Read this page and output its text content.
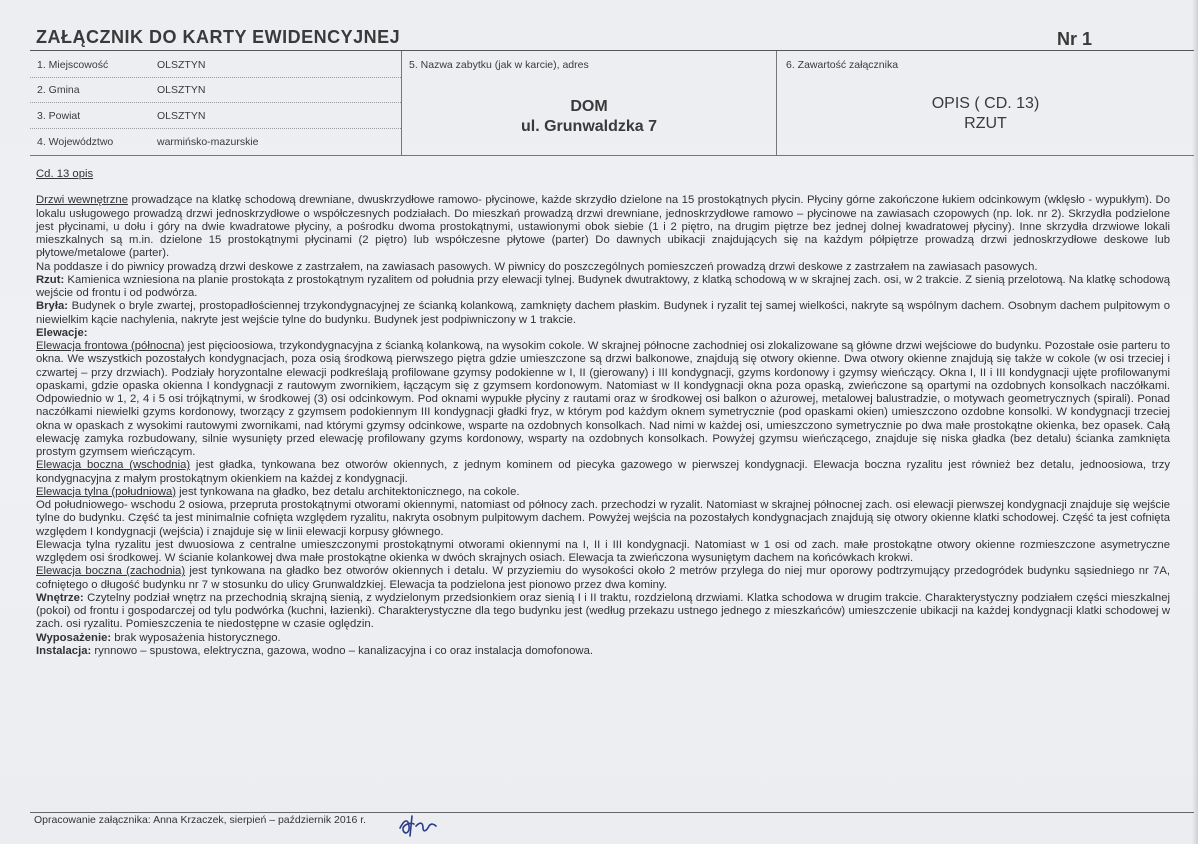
ZAŁĄCZNIK DO KARTY EWIDENCYJNEJ	Nr 1
1. Miejscowość	OLSZTYN
2. Gmina	OLSZTYN
3. Powiat	OLSZTYN
4. Województwo	warmińsko-mazurskie
5. Nazwa zabytku (jak w karcie), adres
DOM
ul. Grunwaldzka 7
6. Zawartość załącznika
OPIS ( CD. 13)
RZUT

Cd. 13 opis

Drzwi wewnętrzne prowadzące na klatkę schodową drewniane, dwuskrzydłowe ramowo- płycinowe, każde skrzydło dzielone na 15 prostokątnych płycin. Płyciny górne zakończone łukiem odcinkowym (wklęsło - wypukłym). Do lokalu usługowego prowadzą drzwi jednoskrzydłowe o współczesnych podziałach. Do mieszkań prowadzą drzwi drewniane, jednoskrzydłowe ramowo – płycinowe na zawiasach czopowych (np. lok. nr 2). Skrzydła podzielone jest płycinami, u dołu i góry na dwie kwadratowe płyciny, a pośrodku dwoma prostokątnymi, ustawionymi obok siebie (1 i 2 piętro, na drugim piętrze bez jednej dolnej kwadratowej płyciny). Inne skrzydła drzwiowe lokali mieszkalnych są m.in. dzielone 15 prostokątnymi płycinami (2 piętro) lub współczesne płytowe (parter) Do dawnych ubikacji znajdujących się na każdym półpiętrze prowadzą drzwi jednoskrzydłowe deskowe lub płytowe/metalowe (parter).

Na poddasze i do piwnicy prowadzą drzwi deskowe z zastrzałem, na zawiasach pasowych. W piwnicy do poszczególnych pomieszczeń prowadzą drzwi deskowe z zastrzałem na zawiasach pasowych.

Rzut: Kamienica wzniesiona na planie prostokąta z prostokątnym ryzalitem od południa przy elewacji tylnej. Budynek dwutraktowy, z klatką schodową w w skrajnej zach. osi, w 2 trakcie. Z sienią przelotową. Na klatkę schodową wejście od frontu i od podwórza.

Bryła: Budynek o bryle zwartej, prostopadłościennej trzykondygnacyjnej ze ścianką kolankową, zamknięty dachem płaskim. Budynek i ryzalit tej samej wielkości, nakryte są wspólnym dachem. Osobnym dachem pulpitowym o niewielkim kącie nachylenia, nakryte jest wejście tylne do budynku. Budynek jest podpiwniczony w 1 trakcie.

Elewacje:

Elewacja frontowa (północna) jest pięcioosiowa, trzykondygnacyjna z ścianką kolankową, na wysokim cokole. W skrajnej północne zachodniej osi zlokalizowane są główne drzwi wejściowe do budynku. Pozostałe osie parteru to okna. We wszystkich pozostałych kondygnacjach, poza osią środkową pierwszego piętra gdzie umieszczone są drzwi balkonowe, znajdują się otwory okienne. Dwa otwory okienne znajdują się także w cokole (w osi trzeciej i czwartej – przy drzwiach). Podziały horyzontalne elewacji podkreślają profilowane gzymsy podokienne w I, II (gierowany) i III kondygnacji, gzyms kordonowy i gzymsy wieńczący. Okna I, II i III kondygnacji ujęte profilowanymi opaskami, gdzie opaska okienna I kondygnacji z rautowym zwornikiem, łączącym się z gzymsem kordonowym. Natomiast w II kondygnacji okna poza opaską, zwieńczone są opartymi na ozdobnych konsolkach naczółkami. Odpowiednio w 1, 2, 4 i 5 osi trójkątnymi, w środkowej (3) osi odcinkowym. Pod oknami wypukłe płyciny z rautami oraz w środkowej osi balkon o ażurowej, metalowej balustradzie, o motywach geometrycznych (spirali). Ponad naczółkami niewielki gzyms kordonowy, tworzący z gzymsem podokiennym III kondygnacji gładki fryz, w którym pod każdym oknem symetrycznie (pod opaskami okien) umieszczono ozdobne konsolki. W kondygnacji trzeciej okna w opaskach z wysokimi rautowymi zwornikami, nad którymi gzymsy odcinkowe, wsparte na ozdobnych konsolkach. Nad nimi w każdej osi, umieszczono symetrycznie po dwa małe prostokątne okienka, bez opasek. Całą elewację zamyka rozbudowany, silnie wysunięty przed elewację profilowany gzyms kordonowy, wsparty na ozdobnych konsolkach. Powyżej gzymsu wieńczącego, znajduje się niska gładka (bez detalu) ścianka zamknięta prostym gzymsem wieńczącym.

Elewacja boczna (wschodnia) jest gładka, tynkowana bez otworów okiennych, z jednym kominem od piecyka gazowego w pierwszej kondygnacji. Elewacja boczna ryzalitu jest również bez detalu, jednoosiowa, trzy kondygnacyjna z małym prostokątnym okienkiem na każdej z kondygnacji.

Elewacja tylna (południowa) jest tynkowana na gładko, bez detalu architektonicznego, na cokole.

Od południowego- wschodu 2 osiowa, przepruta prostokątnymi otworami okiennymi, natomiast od północy zach. przechodzi w ryzalit. Natomiast w skrajnej północnej zach. osi elewacji pierwszej kondygnacji znajduje się wejście tylne do budynku. Część ta jest minimalnie cofnięta względem ryzalitu, nakryta osobnym pulpitowym dachem. Powyżej wejścia na pozostałych kondygnacjach znajdują się otwory okienne klatki schodowej. Część ta jest cofnięta względem I kondygnacji (wejścia) i znajduje się w linii elewacji korpusy głównego.

Elewacja tylna ryzalitu jest dwuosiowa z centralne umieszczonymi prostokątnymi otworami okiennymi na I, II i III kondygnacji. Natomiast w 1 osi od zach. małe prostokątne otwory okienne rozmieszczone asymetryczne względem osi środkowej. W ścianie kolankowej dwa małe prostokątne okienka w dwóch skrajnych osiach. Elewacja ta zwieńczona wysuniętym dachem na końcówkach krokwi.

Elewacja boczna (zachodnia) jest tynkowana na gładko bez otworów okiennych i detalu. W przyziemiu do wysokości około 2 metrów przylega do niej mur oporowy podtrzymujący przedogródek budynku sąsiedniego nr 7A, cofniętego o długość budynku nr 7 w stosunku do ulicy Grunwaldzkiej. Elewacja ta podzielona jest pionowo przez dwa kominy.

Wnętrze: Czytelny podział wnętrz na przechodnią skrajną sienią, z wydzielonym przedsionkiem oraz sienią I i II traktu, rozdzieloną drzwiami. Klatka schodowa w drugim trakcie. Charakterystyczny podziałem części mieszkalnej (pokoi) od frontu i gospodarczej od tylu podwórka (kuchni, łazienki). Charakterystyczne dla tego budynku jest (według przekazu ustnego jednego z mieszkańców) umieszczenie ubikacji na każdej kondygnacji klatki schodowej w zach. osi ryzalitu. Pomieszczenia te niedostępne w czasie oględzin.

Wyposażenie: brak wyposażenia historycznego.

Instalacja: rynnowo – spustowa, elektryczna, gazowa, wodno – kanalizacyjna i co oraz instalacja domofonowa.

Opracowanie załącznika: Anna Krzaczek, sierpień – październik 2016 r.
